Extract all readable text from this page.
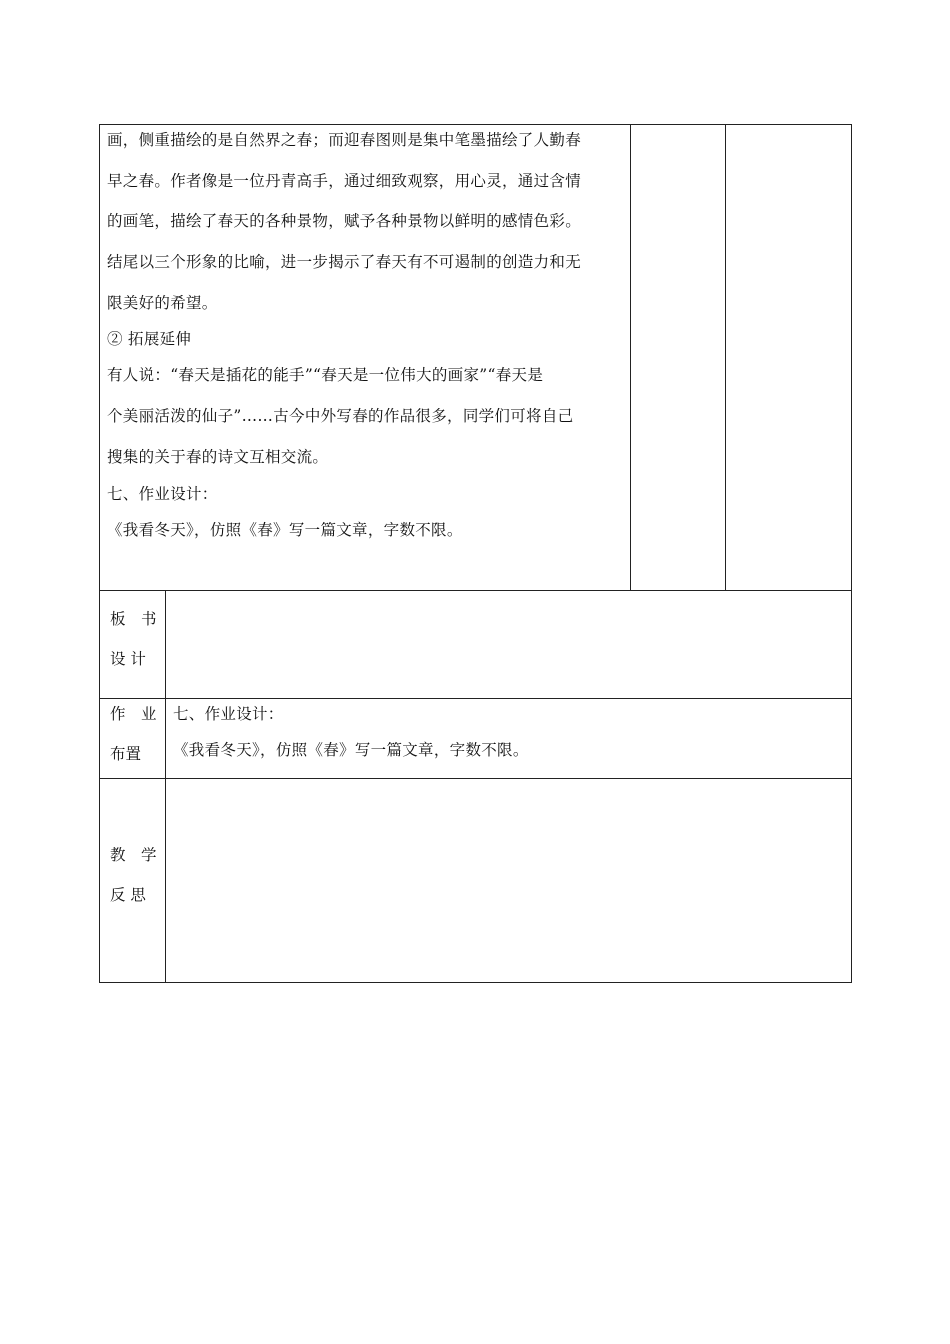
画，侧重描绘的是自然界之春；而迎春图则是集中笔墨描绘了人勤春
早之春。作者像是一位丹青高手，通过细致观察，用心灵，通过含情
的画笔，描绘了春天的各种景物，赋予各种景物以鲜明的感情色彩。
结尾以三个形象的比喻，进一步揭示了春天有不可遏制的创造力和无
限美好的希望。
② 拓展延伸
有人说：“春天是插花的能手”“春天是一位伟大的画家”“春天是
个美丽活泼的仙子”……古今中外写春的作品很多，同学们可将自己
搜集的关于春的诗文互相交流。
七、作业设计：
《我看冬天》，仿照《春》写一篇文章，字数不限。
板 书
设 计
作 业
布置
七、作业设计：
《我看冬天》，仿照《春》写一篇文章，字数不限。
教 学
反 思
